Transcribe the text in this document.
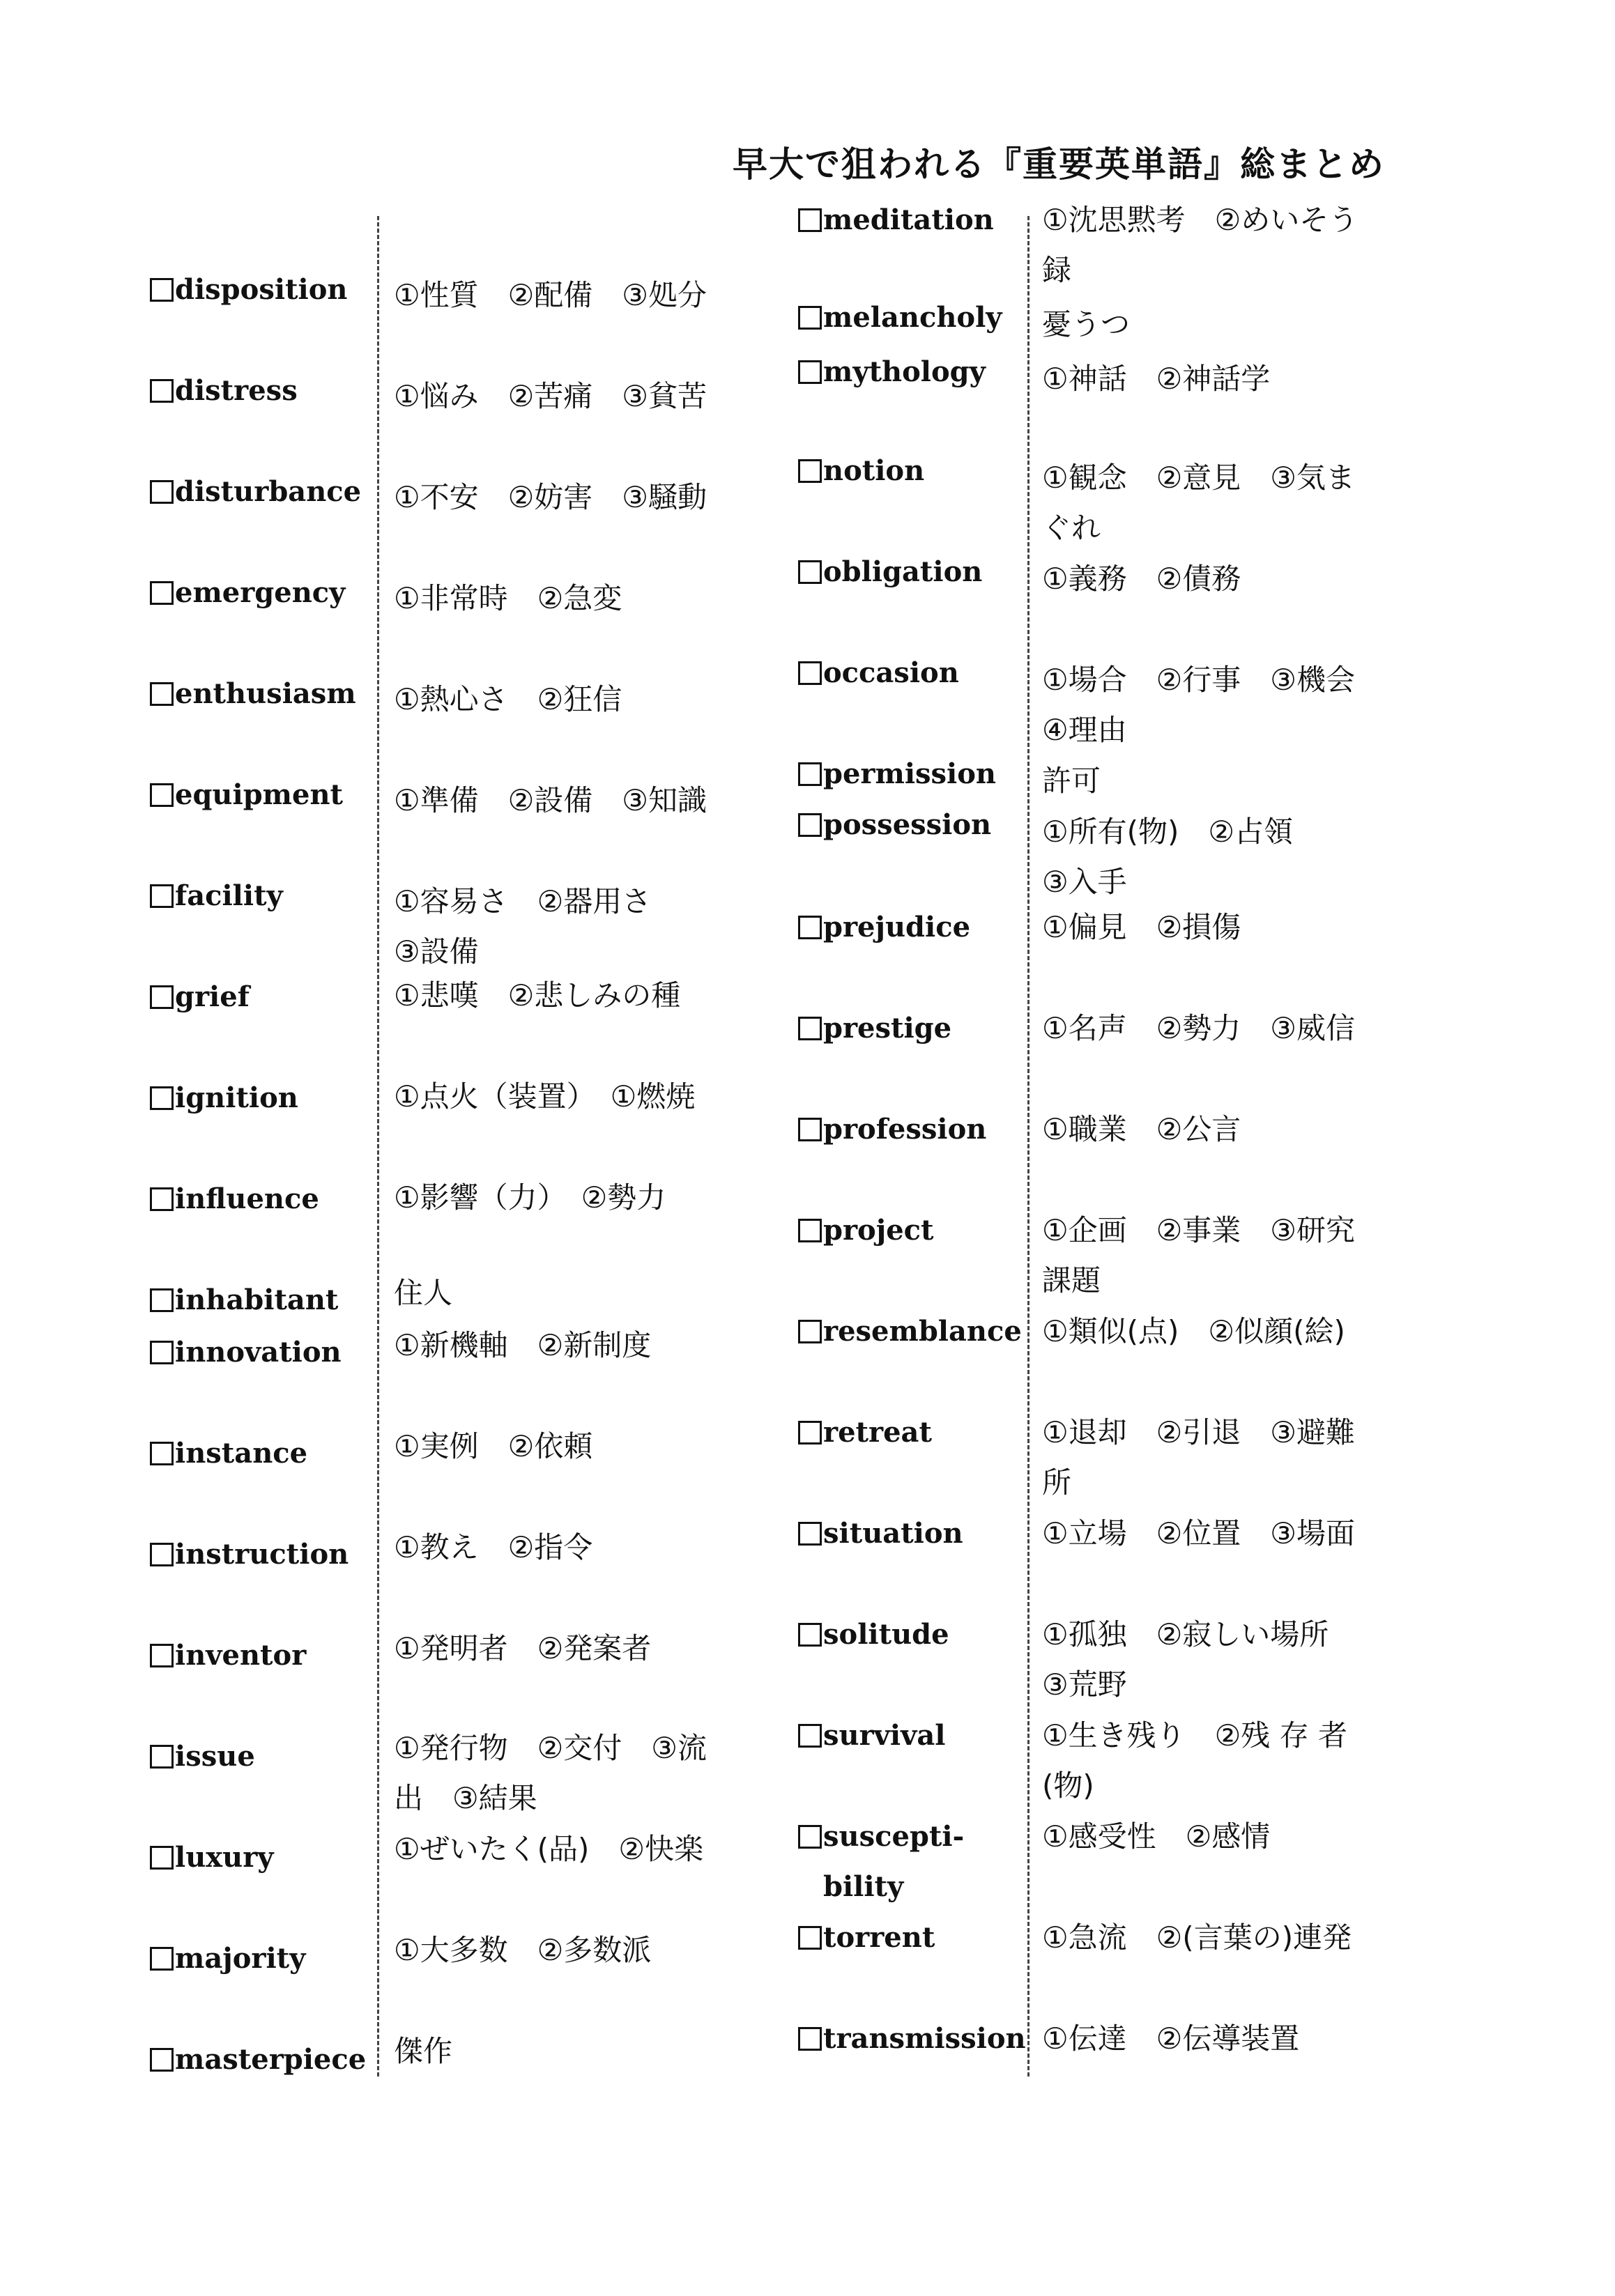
早大で狙われる『重要英単語』総まとめ
disposition ①性質　②配備　③処分
distress	①悩み　②苦痛　③貧苦
disturbance ①不安　②妨害　③騒動
emergency ①非常時　②急変
enthusiasm ①熱心さ　②狂信
equipment ①準備　②設備　③知識
facility	①容易さ　②器用さ
③設備
grief	①悲嘆　②悲しみの種
ignition	①点火（装置）　①燃焼
influence	①影響（力）　②勢力
inhabitant 住人
innovation ①新機軸　②新制度
instance	①実例　②依頼
instruction ①教え　②指令
inventor	①発明者　②発案者
issue	①発行物　②交付　③流
出　③結果
luxury	①ぜいたく(品)　②快楽
majority	①大多数　②多数派
masterpiece 傑作
meditation ①沈思黙考　②めいそう
録
melancholy 憂うつ
mythology ①神話　②神話学
notion	①観念　②意見　③気ま
ぐれ
obligation ①義務　②債務
occasion	①場合　②行事　③機会
④理由
permission 許可
possession ①所有(物)　②占領
③入手
prejudice ①偏見　②損傷
prestige	①名声　②勢力　③威信
profession ①職業　②公言
project	①企画　②事業　③研究
課題
resemblance ①類似(点)　②似顔(絵)
retreat	①退却　②引退　③避難
所
situation	①立場　②位置　③場面
solitude	①孤独　②寂しい場所
③荒野
survival	①生き残り　②残 存 者
(物)
suscepti-
bility
①感受性　②感情
torrent	①急流　②(言葉の)連発
transmission ①伝達　②伝導装置
